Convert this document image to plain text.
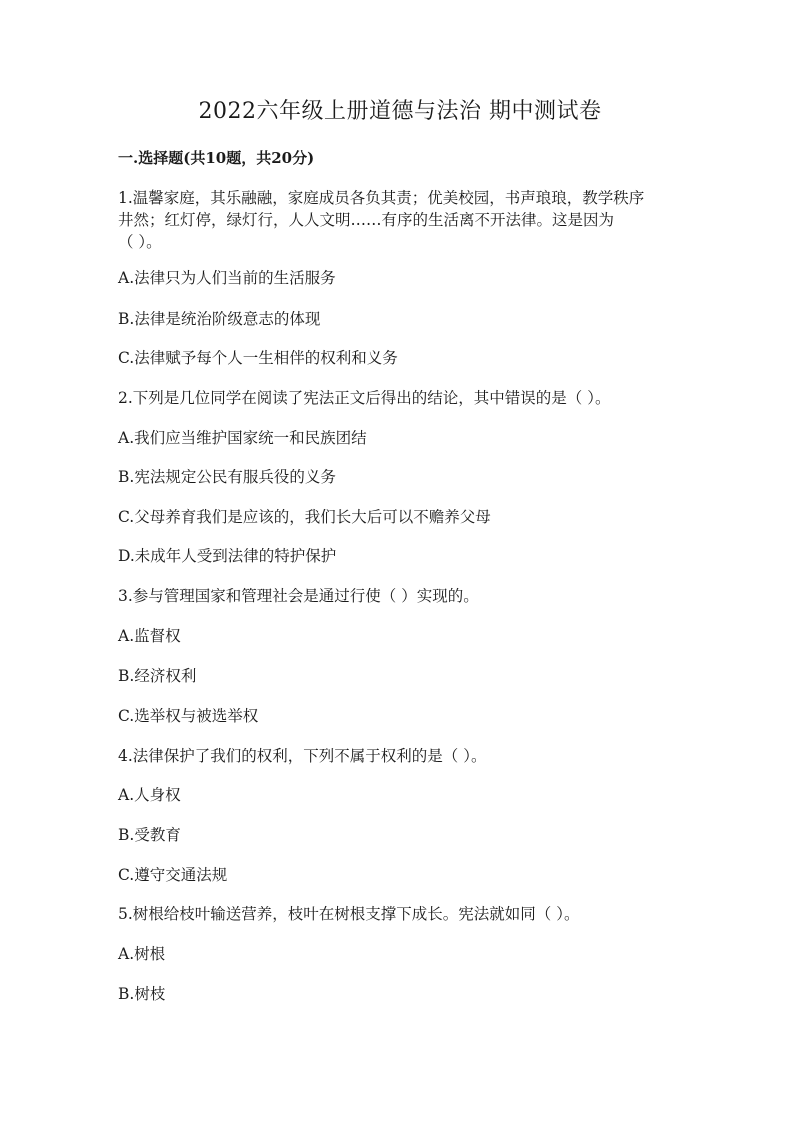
2022六年级上册道德与法治 期中测试卷
一.选择题(共10题，共20分)
1.温馨家庭，其乐融融，家庭成员各负其责；优美校园，书声琅琅，教学秩序
井然；红灯停，绿灯行，人人文明……有序的生活离不开法律。这是因为
（ ）。
A.法律只为人们当前的生活服务
B.法律是统治阶级意志的体现
C.法律赋予每个人一生相伴的权利和义务
2.下列是几位同学在阅读了宪法正文后得出的结论，其中错误的是（ ）。
A.我们应当维护国家统一和民族团结
B.宪法规定公民有服兵役的义务
C.父母养育我们是应该的，我们长大后可以不赡养父母
D.未成年人受到法律的特护保护
3.参与管理国家和管理社会是通过行使（ ）实现的。
A.监督权
B.经济权利
C.选举权与被选举权
4.法律保护了我们的权利，下列不属于权利的是（ ）。
A.人身权
B.受教育
C.遵守交通法规
5.树根给枝叶输送营养，枝叶在树根支撑下成长。宪法就如同（ ）。
A.树根
B.树枝
